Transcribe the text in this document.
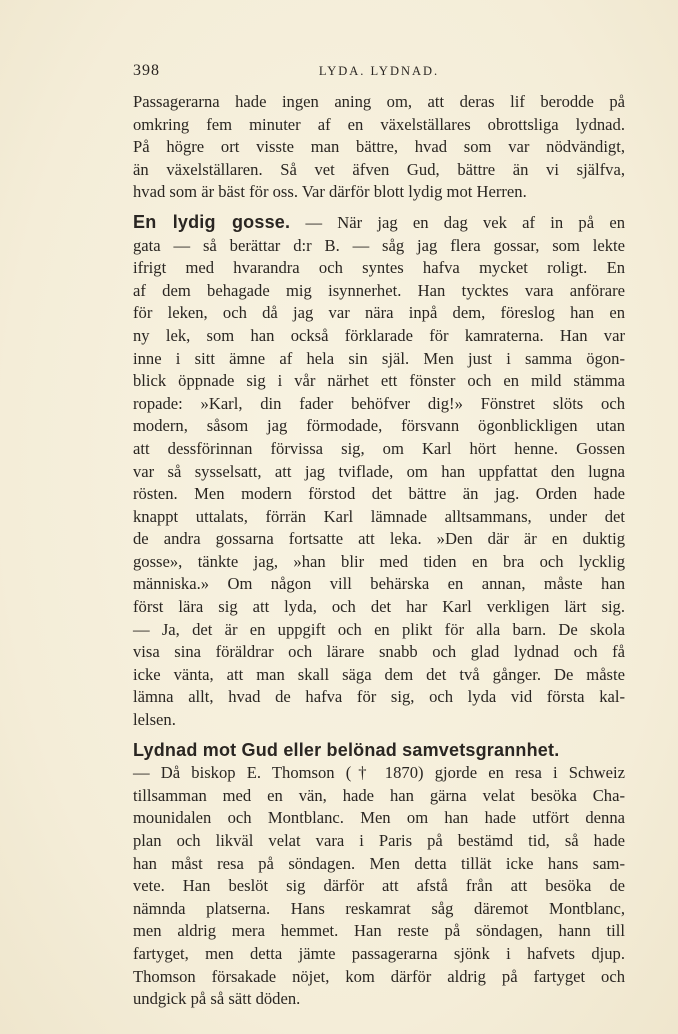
398	LYDA. LYDNAD.

Passagerarna hade ingen aning om, att deras lif berodde på
omkring fem minuter af en växelställares obrottsliga lydnad.
På högre ort visste man bättre, hvad som var nödvändigt,
än växelställaren. Så vet äfven Gud, bättre än vi själfva,
hvad som är bäst för oss. Var därför blott lydig mot Herren.

En lydig gosse. — När jag en dag vek af in på en
gata — så berättar d:r B. — såg jag flera gossar, som lekte
ifrigt med hvarandra och syntes hafva mycket roligt. En
af dem behagade mig isynnerhet. Han tycktes vara anförare
för leken, och då jag var nära inpå dem, föreslog han en
ny lek, som han också förklarade för kamraterna. Han var
inne i sitt ämne af hela sin själ. Men just i samma ögon-
blick öppnade sig i vår närhet ett fönster och en mild stämma
ropade: »Karl, din fader behöfver dig!» Fönstret slöts och
modern, såsom jag förmodade, försvann ögonblickligen utan
att dessförinnan förvissa sig, om Karl hört henne. Gossen
var så sysselsatt, att jag tviflade, om han uppfattat den lugna
rösten. Men modern förstod det bättre än jag. Orden hade
knappt uttalats, förrän Karl lämnade alltsammans, under det
de andra gossarna fortsatte att leka. »Den där är en duktig
gosse», tänkte jag, »han blir med tiden en bra och lycklig
människa.» Om någon vill behärska en annan, måste han
först lära sig att lyda, och det har Karl verkligen lärt sig.
— Ja, det är en uppgift och en plikt för alla barn. De skola
visa sina föräldrar och lärare snabb och glad lydnad och få
icke vänta, att man skall säga dem det två gånger. De måste
lämna allt, hvad de hafva för sig, och lyda vid första kal-
lelsen.

Lydnad mot Gud eller belönad samvetsgrannhet.
— Då biskop E. Thomson († 1870) gjorde en resa i Schweiz
tillsamman med en vän, hade han gärna velat besöka Cha-
mounidalen och Montblanc. Men om han hade utfört denna
plan och likväl velat vara i Paris på bestämd tid, så hade
han måst resa på söndagen. Men detta tillät icke hans sam-
vete. Han beslöt sig därför att afstå från att besöka de
nämnda platserna. Hans reskamrat såg däremot Montblanc,
men aldrig mera hemmet. Han reste på söndagen, hann till
fartyget, men detta jämte passagerarna sjönk i hafvets djup.
Thomson försakade nöjet, kom därför aldrig på fartyget och
undgick på så sätt döden.
